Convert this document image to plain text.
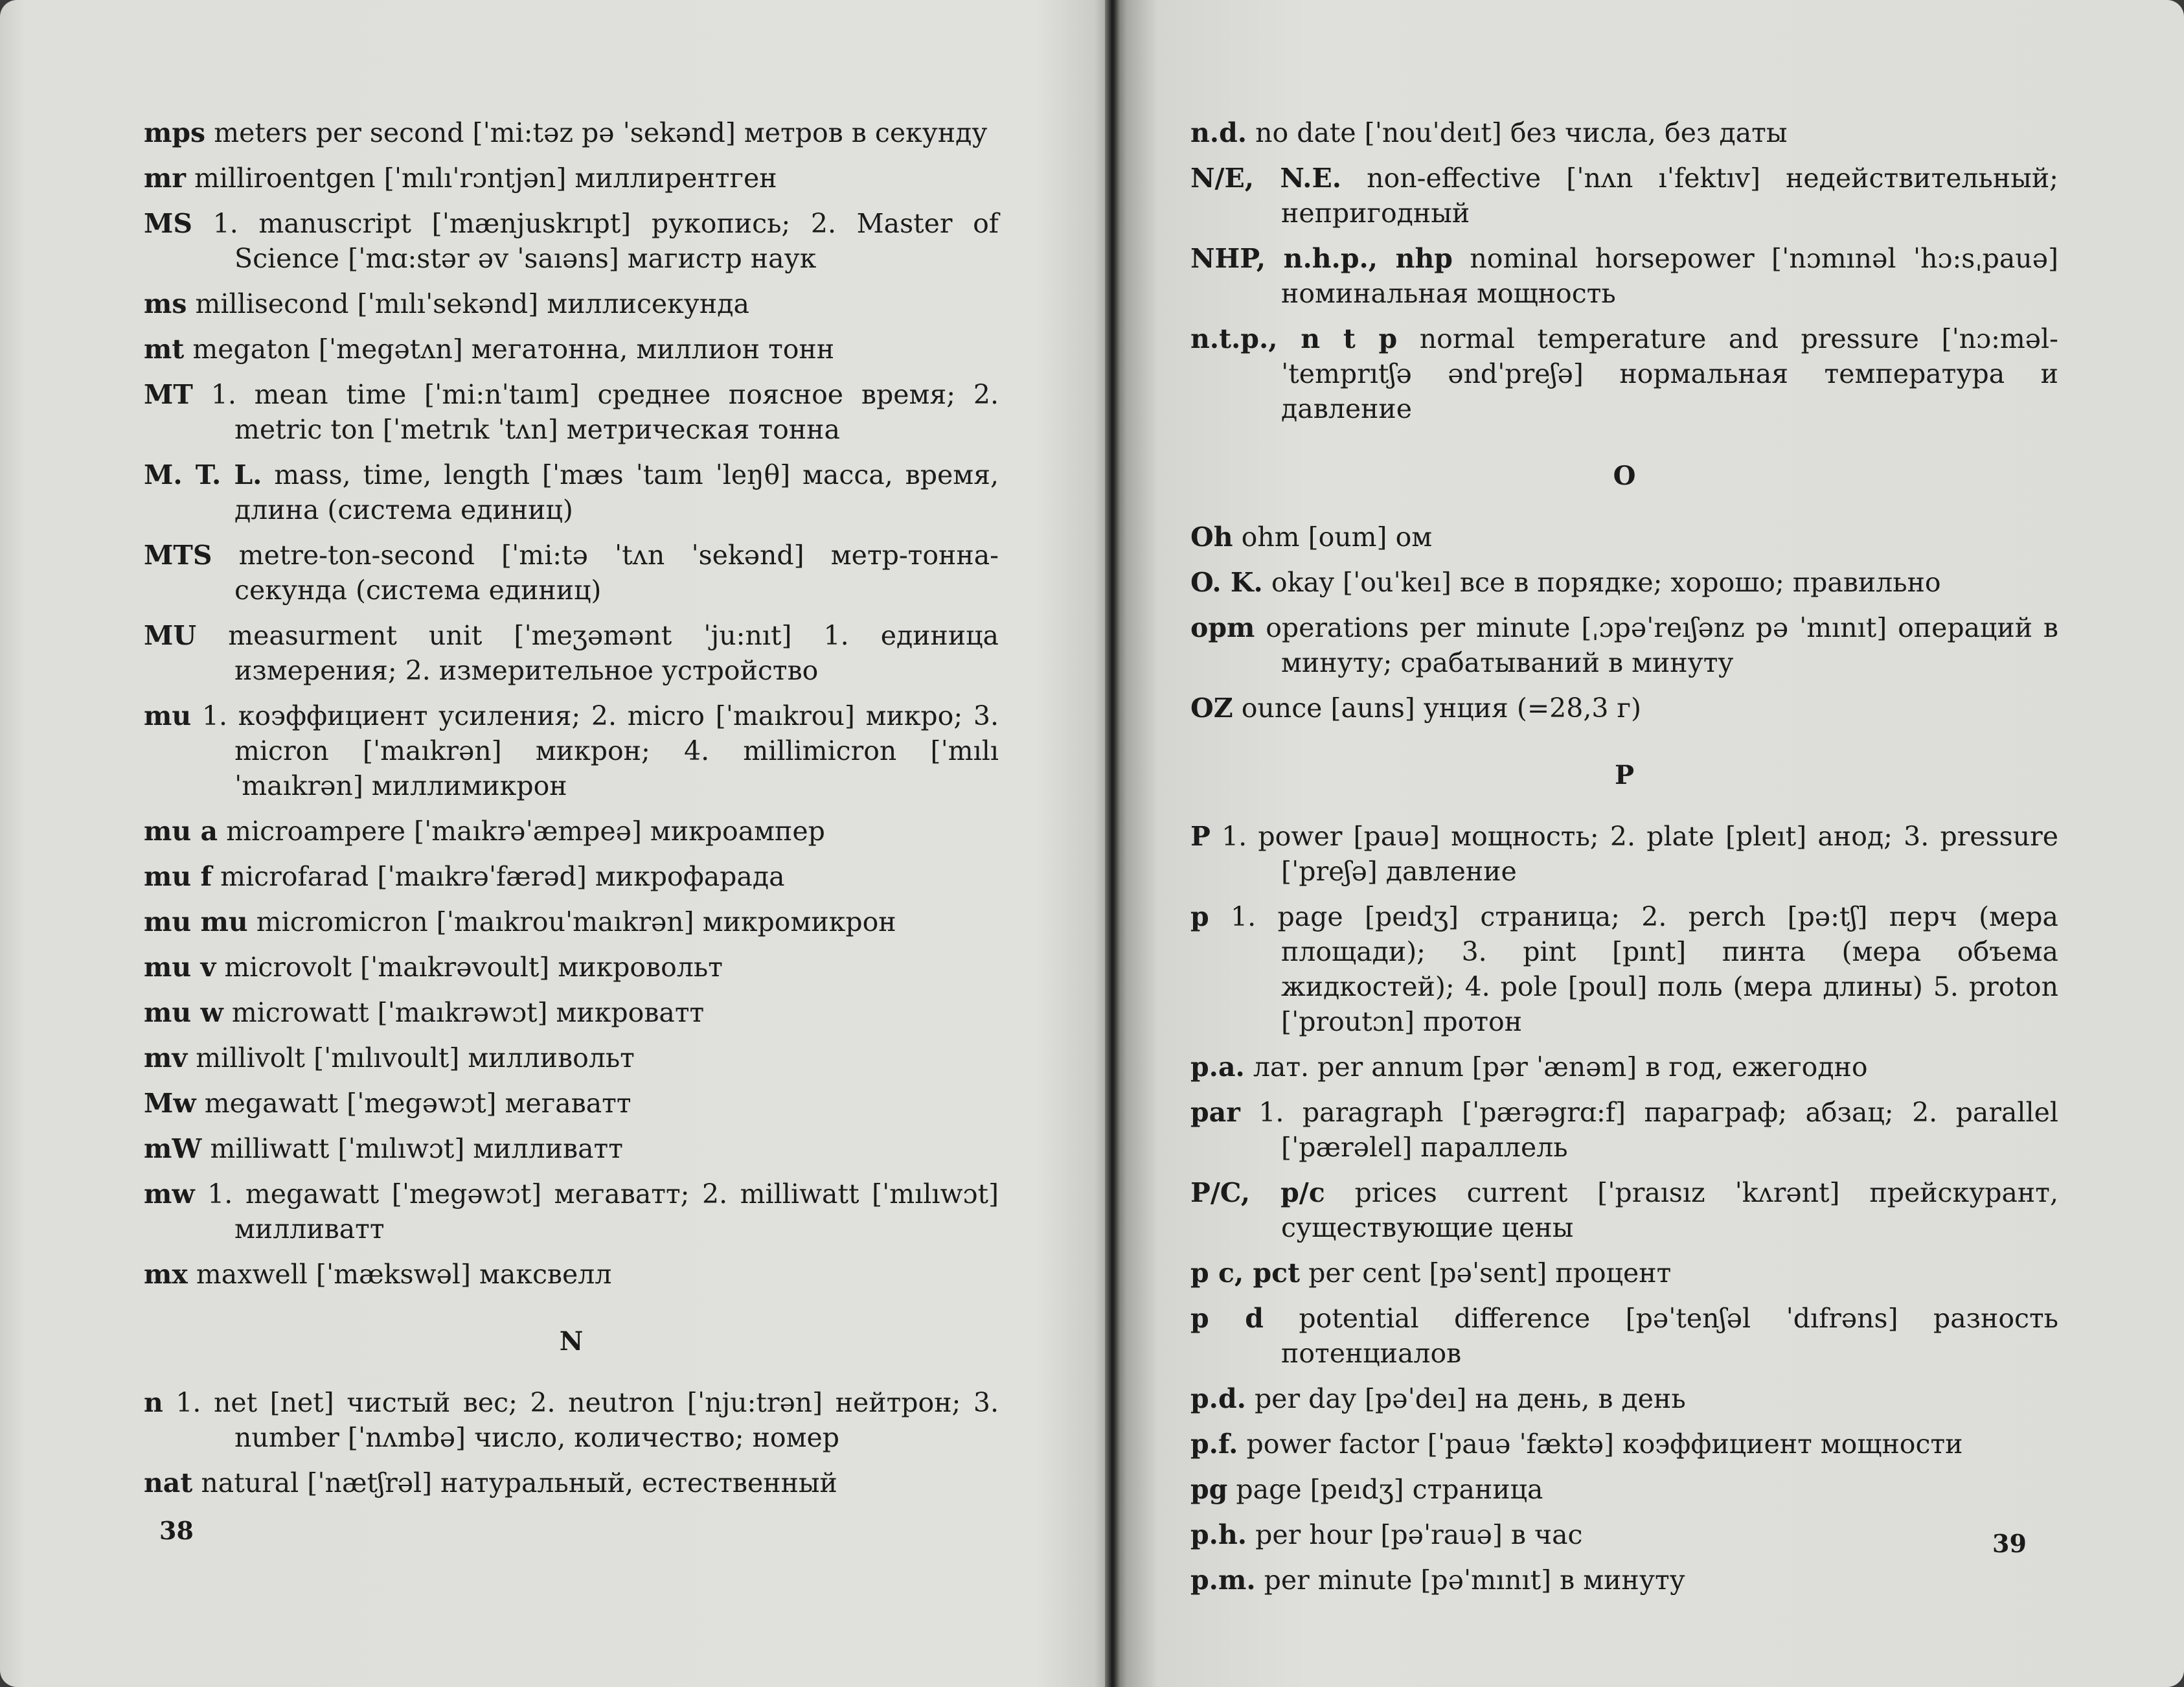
mps meters per second [ˈmi:tǝz pǝ ˈsekǝnd] метров в секунду
mr milliroentgen [ˈmılıˈrɔntjǝn] миллирентген
MS 1. manuscript [ˈmænjuskrıpt] рукопись; 2. Master of Science [ˈmɑ:stǝr ǝv ˈsaıǝns] магистр наук
ms millisecond [ˈmılıˈsekǝnd] миллисекунда
mt megaton [ˈmegǝtʌn] мегатонна, миллион тонн
MT 1. mean time [ˈmi:nˈtaım] среднее поясное время; 2. metric ton [ˈmetrık ˈtʌn] метрическая тонна
M. T. L. mass, time, length [ˈmæs ˈtaım ˈleŋθ] масса, время, длина (система единиц)
MTS metre-ton-second [ˈmi:tǝ ˈtʌn ˈsekǝnd] метр-тонна-секунда (система единиц)
MU measurment unit [ˈmeʒǝmǝnt ˈju:nıt] 1. единица измерения; 2. измерительное устройство
mu 1. коэффициент усиления; 2. micro [ˈmaıkrou] микро; 3. micron [ˈmaıkrǝn] микрон; 4. millimicron [ˈmılıˈmaıkrǝn] миллимикрон
mu a microampere [ˈmaıkrǝˈæmpeǝ] микроампер
mu f microfarad [ˈmaıkrǝˈfærǝd] микрофарада
mu mu micromicron [ˈmaıkrouˈmaıkrǝn] микромикрон
mu v microvolt [ˈmaıkrǝvoult] микровольт
mu w microwatt [ˈmaıkrǝwɔt] микроватт
mv millivolt [ˈmılıvoult] милливольт
Mw megawatt [ˈmegǝwɔt] мегаватт
mW milliwatt [ˈmılıwɔt] милливатт
mw 1. megawatt [ˈmegǝwɔt] мегаватт; 2. milliwatt [ˈmılıwɔt] милливатт
mx maxwell [ˈmækswǝl] максвелл
N
n 1. net [net] чистый вес; 2. neutron [ˈnju:trǝn] нейтрон; 3. number [ˈnʌmbǝ] число, количество; номер
nat natural [ˈnætʃrǝl] натуральный, естественный
38
n.d. no date [ˈnouˈdeıt] без числа, без даты
N/E, N.E. non-effective [ˈnʌn ıˈfektıv] недействительный; непригодный
NHP, n.h.p., nhp nominal horsepower [ˈnɔmınǝl ˈhɔ:sˌpauǝ] номинальная мощность
n.t.p., n t p normal temperature and pressure [ˈnɔ:mǝl-ˈtemprıtʃǝ ǝndˈpreʃǝ] нормальная температура и давление
O
Oh ohm [oum] ом
O. K. okay [ˈouˈkeı] все в порядке; хорошо; правильно
opm operations per minute [ˌɔpǝˈreıʃǝnz pǝ ˈmınıt] операций в минуту; срабатываний в минуту
OZ ounce [auns] унция (=28,3 г)
P
P 1. power [pauǝ] мощность; 2. plate [pleıt] анод; 3. pressure [ˈpreʃǝ] давление
p 1. page [peıdʒ] страница; 2. perch [pǝ:tʃ] перч (мера площади); 3. pint [pınt] пинта (мера объема жидкостей); 4. pole [poul] поль (мера длины) 5. proton [ˈproutɔn] протон
p.a. лат. per annum [pǝr ˈænǝm] в год, ежегодно
par 1. paragraph [ˈpærǝgrɑ:f] параграф; абзац; 2. parallel [ˈpærǝlel] параллель
P/C, p/c prices current [ˈpraısız ˈkʌrǝnt] прейскурант, существующие цены
p c, pct per cent [pǝˈsent] процент
p d potential difference [pǝˈtenʃǝl ˈdıfrǝns] разность потенциалов
p.d. per day [pǝˈdeı] на день, в день
p.f. power factor [ˈpauǝ ˈfæktǝ] коэффициент мощности
pg page [peıdʒ] страница
p.h. per hour [pǝˈrauǝ] в час
p.m. per minute [pǝˈmınıt] в минуту
39
